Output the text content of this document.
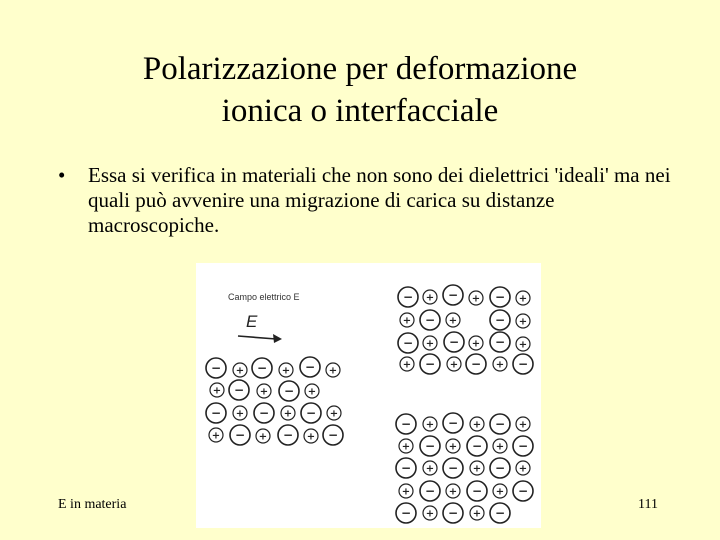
Polarizzazione per deformazione
ionica o interfacciale
•	Essa si verifica in materiali che non sono dei dielettrici 'ideali' ma nei quali può avvenire una migrazione di carica su distanze macroscopiche.
Campo elettrico E
E
− + − + − +
+ − + − +
− + − + − +
+ − + − + −
− + − + − +
+ − +	− +
− + − + − +
+ − + − + −
− + − + − +
+ − + − + −
− + − + − +
+ − + − + −
− + − + −
E in materia	111
